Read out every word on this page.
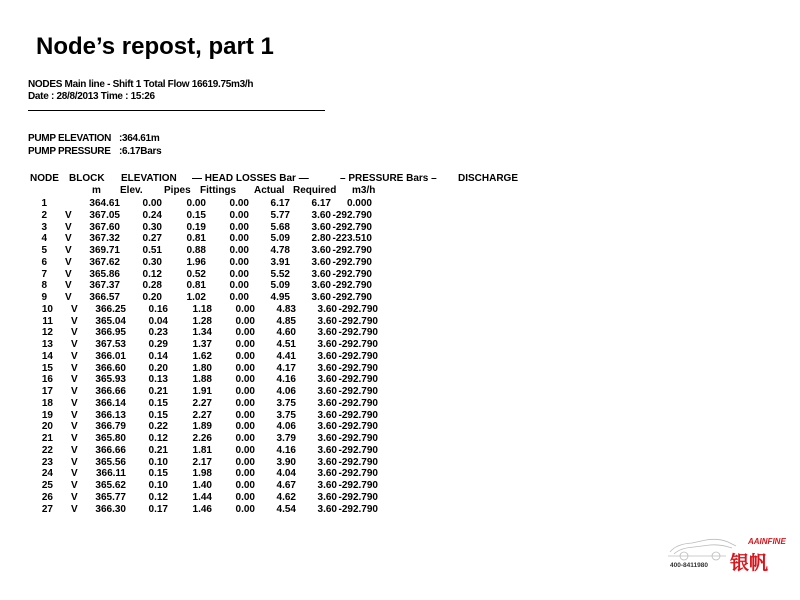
Node’s repost, part 1
NODES Main line - Shift 1 Total Flow 16619.75m3/h
Date : 28/8/2013 Time : 15:26
PUMP ELEVATION :364.61m
PUMP PRESSURE :6.17Bars
NODE BLOCK ELEVATION — HEAD LOSSES Bar —	– PRESSURE Bars – DISCHARGE
m Elev. Pipes Fittings Actual Required m3/h
1	364.61 0.00 0.00 0.00 6.17 6.17 0.000
2 V 367.05 0.24 0.15 0.00 5.77 3.60 -292.790
3 V 367.60 0.30 0.19 0.00 5.68 3.60 -292.790
4 V 367.32 0.27 0.81 0.00 5.09 2.80 -223.510
5 V 369.71 0.51 0.88 0.00 4.78 3.60 -292.790
6 V 367.62 0.30 1.96 0.00 3.91 3.60 -292.790
7 V 365.86 0.12 0.52 0.00 5.52 3.60 -292.790
8 V 367.37 0.28 0.81 0.00 5.09 3.60 -292.790
9 V 366.57 0.20 1.02 0.00 4.95 3.60 -292.790
10 V 366.25 0.16 1.18 0.00 4.83 3.60 -292.790
11 V 365.04 0.04 1.28 0.00 4.85 3.60 -292.790
12 V 366.95 0.23 1.34 0.00 4.60 3.60 -292.790
13 V 367.53 0.29 1.37 0.00 4.51 3.60 -292.790
14 V 366.01 0.14 1.62 0.00 4.41 3.60 -292.790
15 V 366.60 0.20 1.80 0.00 4.17 3.60 -292.790
16 V 365.93 0.13 1.88 0.00 4.16 3.60 -292.790
17 V 366.66 0.21 1.91 0.00 4.06 3.60 -292.790
18 V 366.14 0.15 2.27 0.00 3.75 3.60 -292.790
19 V 366.13 0.15 2.27 0.00 3.75 3.60 -292.790
20 V 366.79 0.22 1.89 0.00 4.06 3.60 -292.790
21 V 365.80 0.12 2.26 0.00 3.79 3.60 -292.790
22 V 366.66 0.21 1.81 0.00 4.16 3.60 -292.790
23 V 365.56 0.10 2.17 0.00 3.90 3.60 -292.790
24 V 366.11 0.15 1.98 0.00 4.04 3.60 -292.790
25 V 365.62 0.10 1.40 0.00 4.67 3.60 -292.790
26 V 365.77 0.12 1.44 0.00 4.62 3.60 -292.790
27 V 366.30 0.17 1.46 0.00 4.54 3.60 -292.790
AAINFINE
400-8411980 银帆
